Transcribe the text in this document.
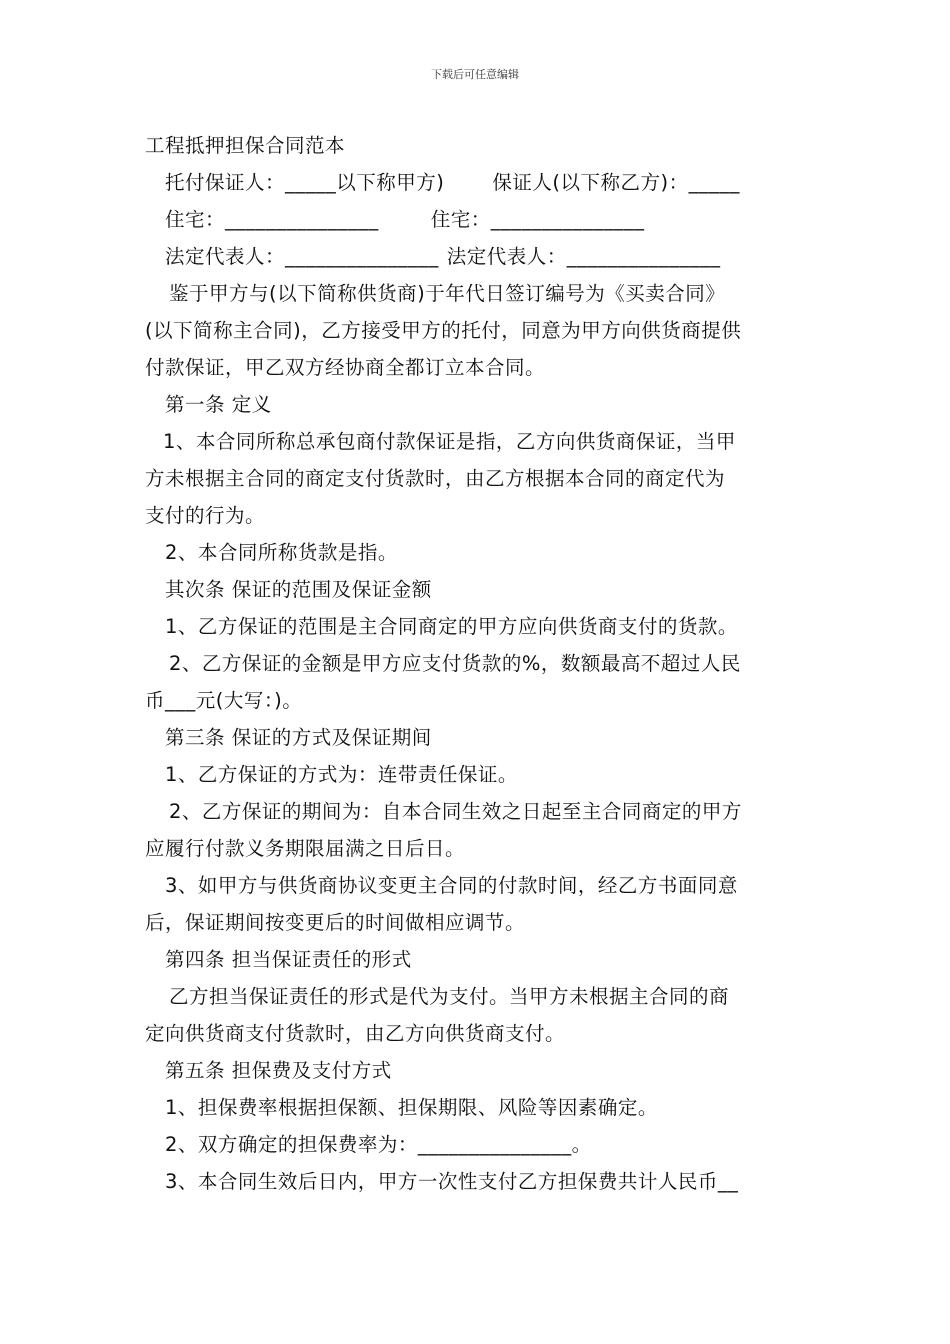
下载后可任意编辑
工程抵押担保合同范本
托付保证人：_____以下称甲方) 保证人(以下称乙方)：_____
住宅：_______________	住宅：_______________
法定代表人：_______________ 法定代表人：_______________
鉴于甲方与(以下简称供货商)于年代日签订编号为《买卖合同》
(以下简称主合同)，乙方接受甲方的托付，同意为甲方向供货商提供
付款保证，甲乙双方经协商全都订立本合同。
第一条 定义
1、本合同所称总承包商付款保证是指，乙方向供货商保证，当甲
方未根据主合同的商定支付货款时，由乙方根据本合同的商定代为
支付的行为。
2、本合同所称货款是指。
其次条 保证的范围及保证金额
1、乙方保证的范围是主合同商定的甲方应向供货商支付的货款。
2、乙方保证的金额是甲方应支付货款的%，数额最高不超过人民
币___元(大写：)。
第三条 保证的方式及保证期间
1、乙方保证的方式为：连带责任保证。
2、乙方保证的期间为：自本合同生效之日起至主合同商定的甲方
应履行付款义务期限届满之日后日。
3、如甲方与供货商协议变更主合同的付款时间，经乙方书面同意
后，保证期间按变更后的时间做相应调节。
第四条 担当保证责任的形式
乙方担当保证责任的形式是代为支付。当甲方未根据主合同的商
定向供货商支付货款时，由乙方向供货商支付。
第五条 担保费及支付方式
1、担保费率根据担保额、担保期限、风险等因素确定。
2、双方确定的担保费率为：_______________。
3、本合同生效后日内，甲方一次性支付乙方担保费共计人民币__
